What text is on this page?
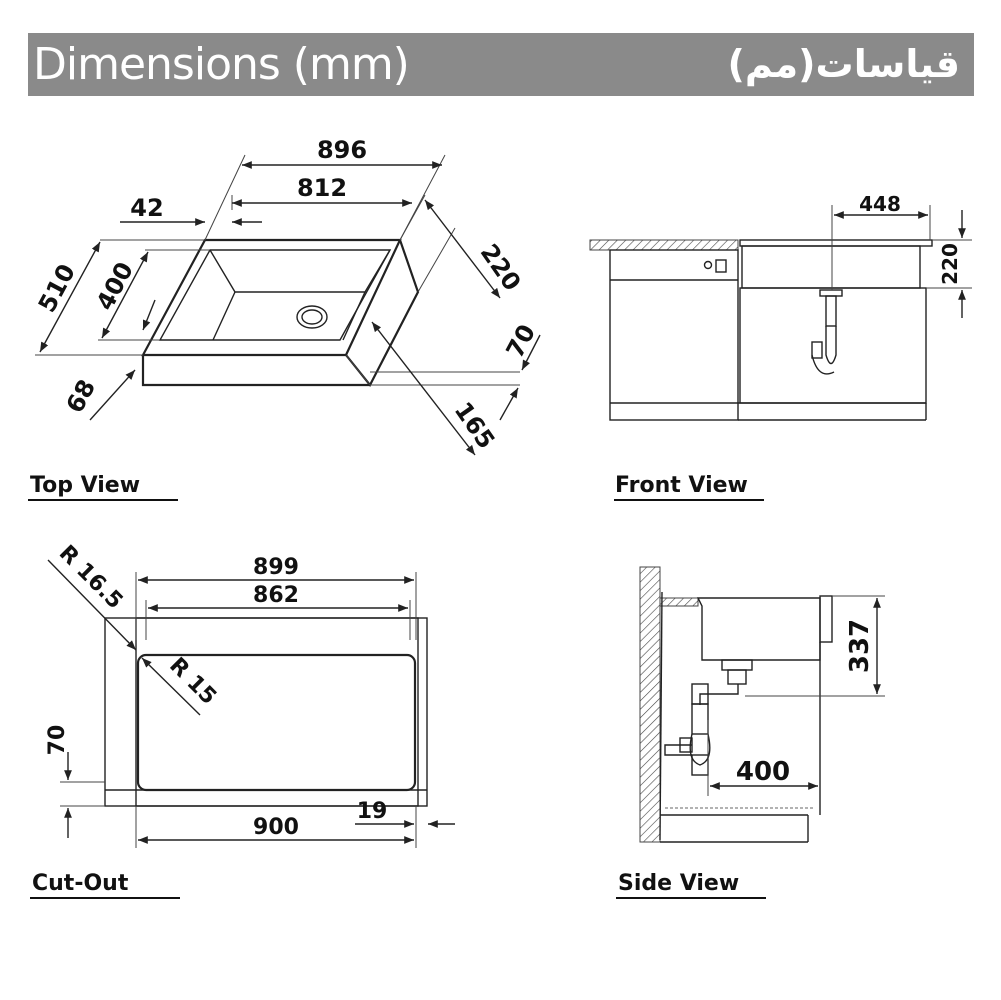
Dimensions (mm)	قياسات(مم)
896
812
42
510 400
68
220
70
165
Top View
448
220
Front View
899
862
R 16.5
R 15
70
900
19
Cut-Out
337
400
Side View
